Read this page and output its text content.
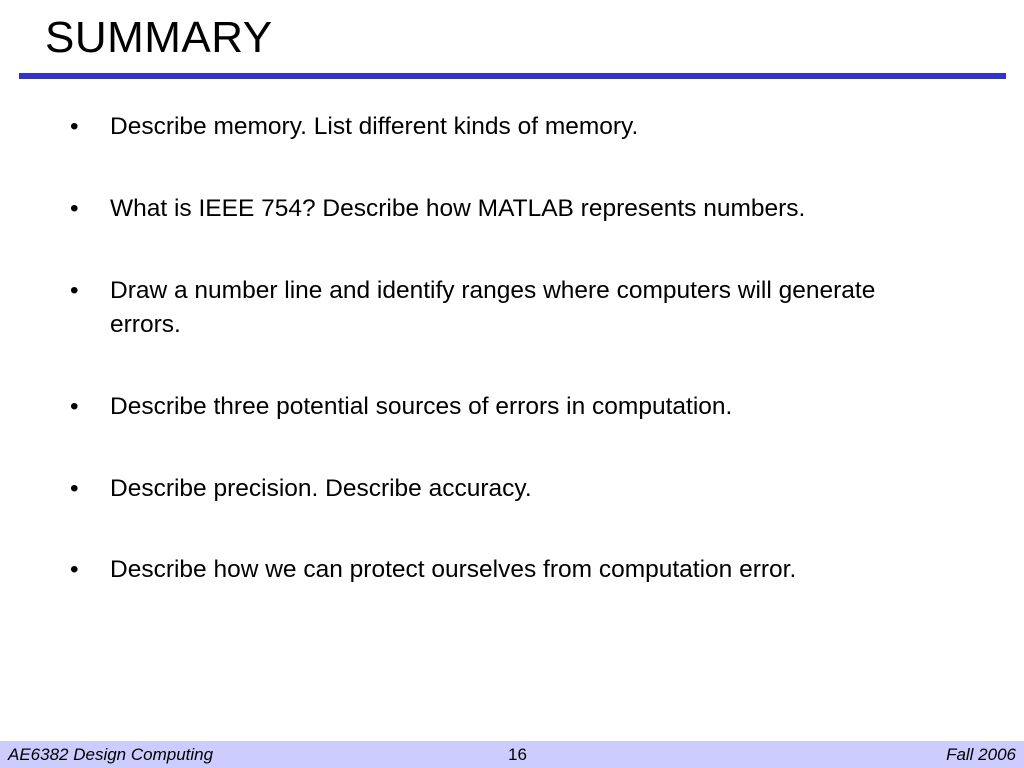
SUMMARY
• Describe memory. List different kinds of memory.
• What is IEEE 754? Describe how MATLAB represents numbers.
• Draw a number line and identify ranges where computers will generate errors.
• Describe three potential sources of errors in computation.
• Describe precision. Describe accuracy.
• Describe how we can protect ourselves from computation error.
AE6382 Design Computing	16	Fall 2006
